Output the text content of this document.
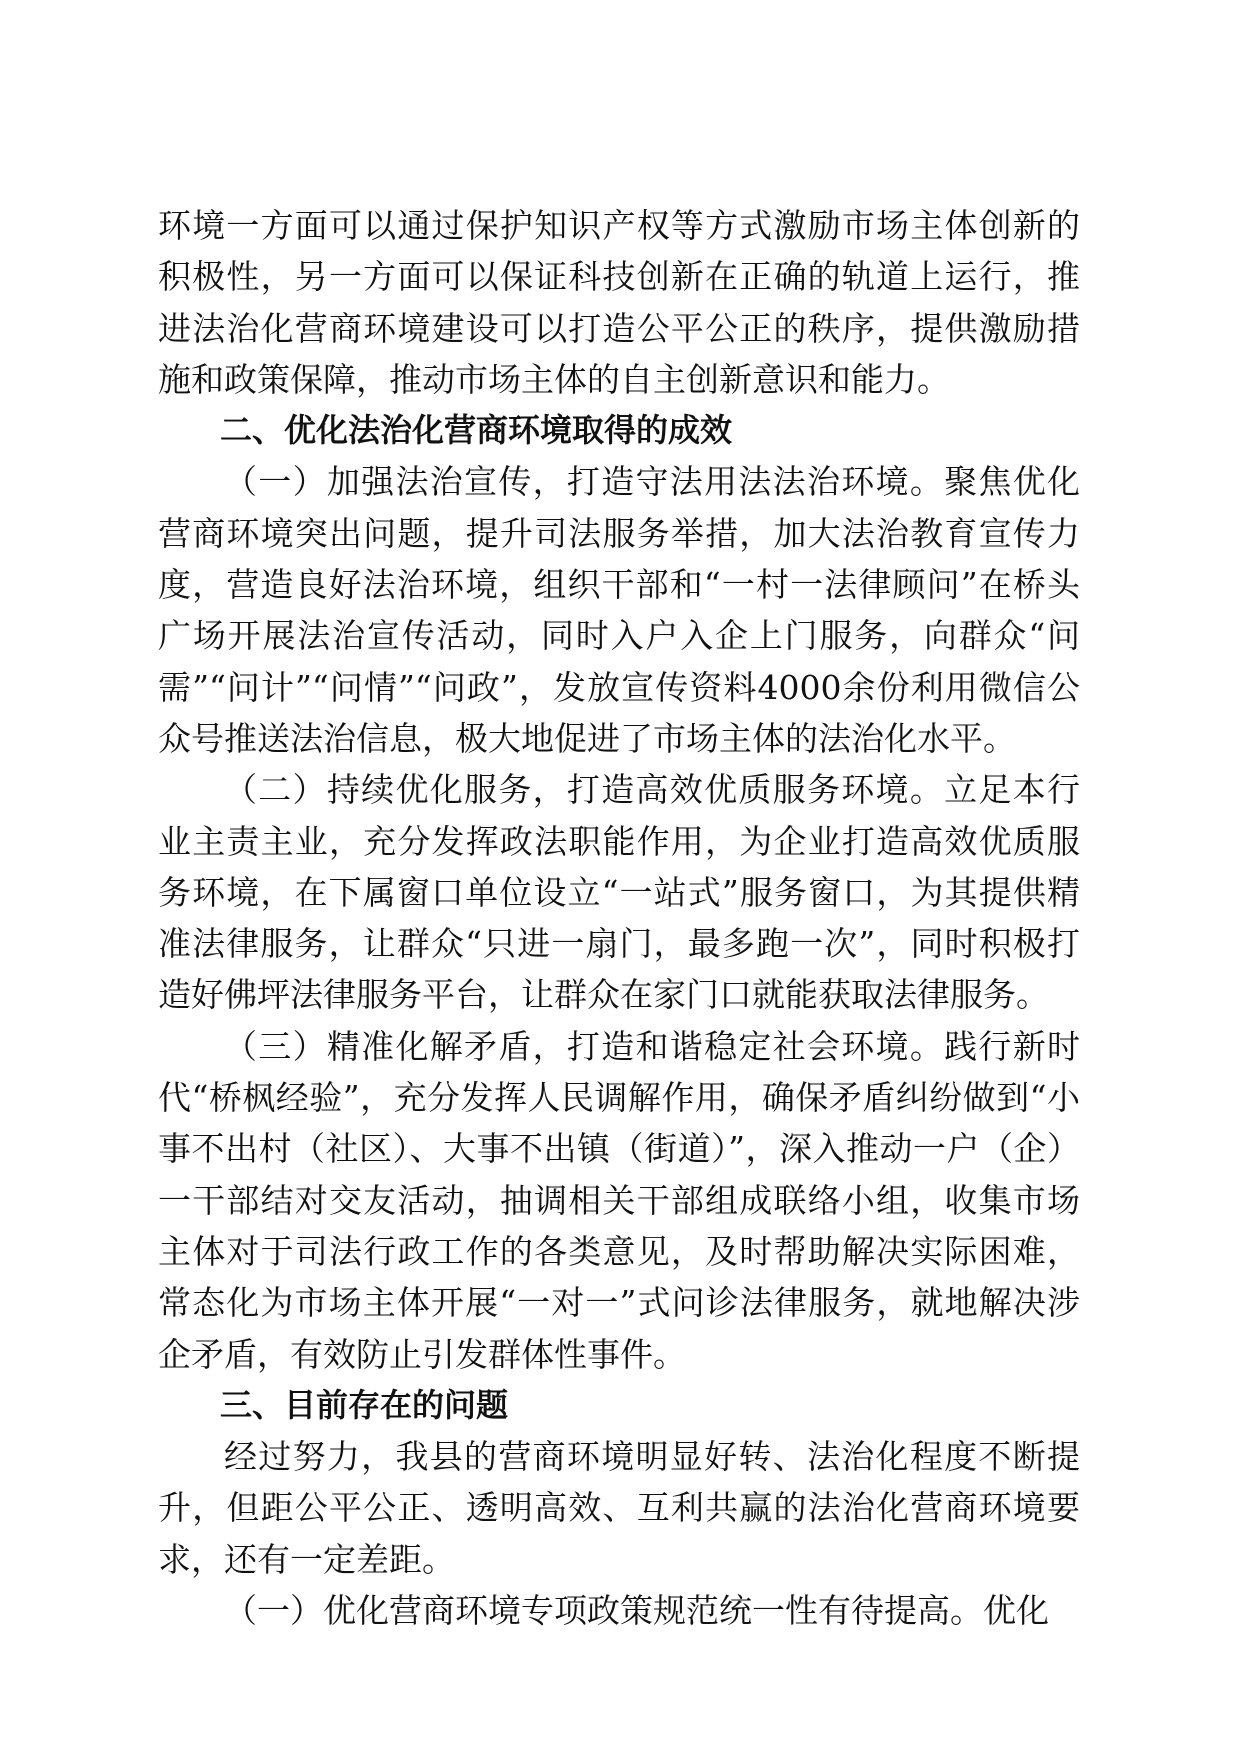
环境一方面可以通过保护知识产权等方式激励市场主体创新的积极性，另一方面可以保证科技创新在正确的轨道上运行，推进法治化营商环境建设可以打造公平公正的秩序，提供激励措施和政策保障，推动市场主体的自主创新意识和能力。

二、优化法治化营商环境取得的成效

（一）加强法治宣传，打造守法用法法治环境。聚焦优化营商环境突出问题，提升司法服务举措，加大法治教育宣传力度，营造良好法治环境，组织干部和“一村一法律顾问”在桥头广场开展法治宣传活动，同时入户入企上门服务，向群众“问需”“问计”“问情”“问政”，发放宣传资料4000余份利用微信公众号推送法治信息，极大地促进了市场主体的法治化水平。

（二）持续优化服务，打造高效优质服务环境。立足本行业主责主业，充分发挥政法职能作用，为企业打造高效优质服务环境，在下属窗口单位设立“一站式”服务窗口，为其提供精准法律服务，让群众“只进一扇门，最多跑一次”，同时积极打造好佛坪法律服务平台，让群众在家门口就能获取法律服务。

（三）精准化解矛盾，打造和谐稳定社会环境。践行新时代“桥枫经验”，充分发挥人民调解作用，确保矛盾纠纷做到“小事不出村（社区）、大事不出镇（街道）”，深入推动一户（企）一干部结对交友活动，抽调相关干部组成联络小组，收集市场主体对于司法行政工作的各类意见，及时帮助解决实际困难，常态化为市场主体开展“一对一”式问诊法律服务，就地解决涉企矛盾，有效防止引发群体性事件。

三、目前存在的问题

经过努力，我县的营商环境明显好转、法治化程度不断提升，但距公平公正、透明高效、互利共赢的法治化营商环境要求，还有一定差距。

（一）优化营商环境专项政策规范统一性有待提高。优化
